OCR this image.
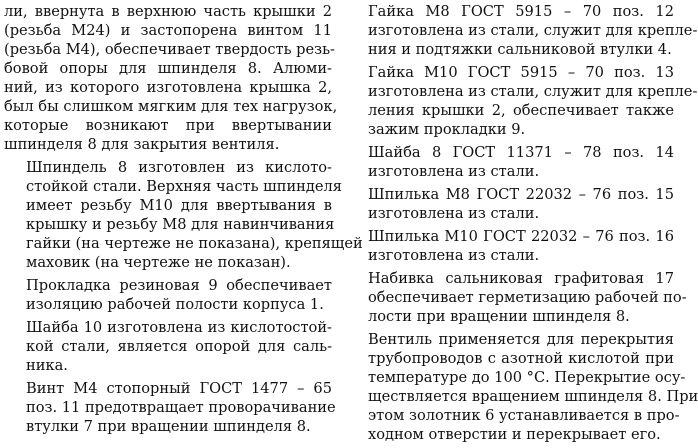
ли, ввернута в верхнюю часть крышки 2
(резьба М24) и застопорена винтом 11
(резьба М4), обеспечивает твердость резь-
бовой опоры для шпинделя 8. Алюми-
ний, из которого изготовлена крышка 2,
был бы слишком мягким для тех нагрузок,
которые возникают при ввертывании
шпинделя 8 для закрытия вентиля.

Шпиндель 8 изготовлен из кислото-
стойкой стали. Верхняя часть шпинделя
имеет резьбу М10 для ввертывания в
крышку и резьбу М8 для навинчивания
гайки (на чертеже не показана), крепящей
маховик (на чертеже не показан).

Прокладка резиновая 9 обеспечивает
изоляцию рабочей полости корпуса 1.

Шайба 10 изготовлена из кислотостой-
кой стали, является опорой для саль-
ника.

Винт М4 стопорный ГОСТ 1477 – 65
поз. 11 предотвращает проворачивание
втулки 7 при вращении шпинделя 8.

Гайка М8 ГОСТ 5915 – 70 поз. 12
изготовлена из стали, служит для крепле-
ния и подтяжки сальниковой втулки 4.

Гайка М10 ГОСТ 5915 – 70 поз. 13
изготовлена из стали, служит для крепле-
ления крышки 2, обеспечивает также
зажим прокладки 9.

Шайба 8 ГОСТ 11371 – 78 поз. 14
изготовлена из стали.

Шпилька М8 ГОСТ 22032 – 76 поз. 15
изготовлена из стали.

Шпилька М10 ГОСТ 22032 – 76 поз. 16
изготовлена из стали.

Набивка сальниковая графитовая 17
обеспечивает герметизацию рабочей по-
лости при вращении шпинделя 8.

Вентиль применяется для перекрытия
трубопроводов с азотной кислотой при
температуре до 100 °С. Перекрытие осу-
ществляется вращением шпинделя 8. При
этом золотник 6 устанавливается в про-
ходном отверстии и перекрывает его.
